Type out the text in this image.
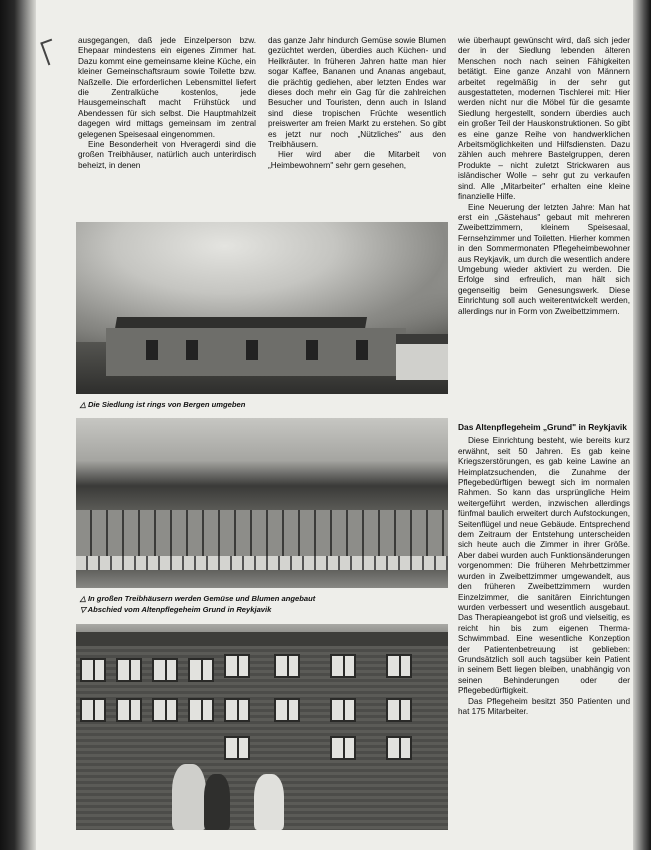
ausgegangen, daß jede Einzelperson bzw. Ehepaar mindestens ein eigenes Zimmer hat. Dazu kommt eine gemeinsame kleine Küche, ein kleiner Gemeinschaftsraum sowie Toilette bzw. Naßzelle. Die erforderlichen Lebensmittel liefert die Zentralküche kostenlos, jede Hausgemeinschaft macht Frühstück und Abendessen für sich selbst. Die Hauptmahlzeit dagegen wird mittags gemeinsam im zentral gelegenen Speisesaal eingenommen.

Eine Besonderheit von Hveragerdi sind die großen Treibhäuser, natürlich auch unterirdisch beheizt, in denen

das ganze Jahr hindurch Gemüse sowie Blumen gezüchtet werden, überdies auch Küchen- und Heilkräuter. In früheren Jahren hatte man hier sogar Kaffee, Bananen und Ananas angebaut, die prächtig gediehen, aber letzten Endes war dieses doch mehr ein Gag für die zahlreichen Besucher und Touristen, denn auch in Island sind diese tropischen Früchte wesentlich preiswerter am freien Markt zu erstehen. So gibt es jetzt nur noch „Nützliches" aus den Treibhäusern.

Hier wird aber die Mitarbeit von „Heimbewohnern" sehr gern gesehen,

wie überhaupt gewünscht wird, daß sich jeder der in der Siedlung lebenden älteren Menschen noch nach seinen Fähigkeiten betätigt. Eine ganze Anzahl von Männern arbeitet regelmäßig in der sehr gut ausgestatteten, modernen Tischlerei mit: Hier werden nicht nur die Möbel für die gesamte Siedlung hergestellt, sondern überdies auch ein großer Teil der Hauskonstruktionen. So gibt es eine ganze Reihe von handwerklichen Arbeitsmöglichkeiten und Hilfsdiensten. Dazu zählen auch mehrere Bastelgruppen, deren Produkte – nicht zuletzt Strickwaren aus isländischer Wolle – sehr gut zu verkaufen sind. Alle „Mitarbeiter" erhalten eine kleine finanzielle Hilfe.

Eine Neuerung der letzten Jahre: Man hat erst ein „Gästehaus" gebaut mit mehreren Zweibettzimmern, kleinem Speisesaal, Fernsehzimmer und Toiletten. Hierher kommen in den Sommermonaten Pflegeheimbewohner aus Reykjavik, um durch die wesentlich andere Umgebung wieder aktiviert zu werden. Die Erfolge sind erfreulich, man hält sich gegenseitig beim Genesungswerk. Diese Einrichtung soll auch weiterentwickelt werden, allerdings nur in Form von Zweibettzimmern.

Das Altenpflegeheim „Grund" in Reykjavik

Diese Einrichtung besteht, wie bereits kurz erwähnt, seit 50 Jahren. Es gab keine Kriegszerstörungen, es gab keine Lawine an Heimplatzsuchenden, die Zunahme der Pflegebedürftigen bewegt sich im normalen Rahmen. So kann das ursprüngliche Heim weitergeführt werden, inzwischen allerdings fünfmal baulich erweitert durch Aufstockungen, Seitenflügel und neue Gebäude. Entsprechend dem Zeitraum der Entstehung unterscheiden sich heute auch die Zimmer in ihrer Größe. Aber dabei wurden auch Funktionsänderungen vorgenommen: Die früheren Mehrbettzimmer wurden in Zweibettzimmer umgewandelt, aus den früheren Zweibettzimmern wurden Einzelzimmer, die sanitären Einrichtungen wurden verbessert und wesentlich ausgebaut. Das Therapieangebot ist groß und vielseitig, es reicht hin bis zum eigenen Therma-Schwimmbad. Eine wesentliche Konzeption der Patientenbetreuung ist geblieben: Grundsätzlich soll auch tagsüber kein Patient in seinem Bett liegen bleiben, unabhängig von seinen Behinderungen oder der Pflegebedürftigkeit.

Das Pflegeheim besitzt 350 Patienten und hat 175 Mitarbeiter.

△ Die Siedlung ist rings von Bergen umgeben
△ In großen Treibhäusern werden Gemüse und Blumen angebaut
▽ Abschied vom Altenpflegeheim Grund in Reykjavik
